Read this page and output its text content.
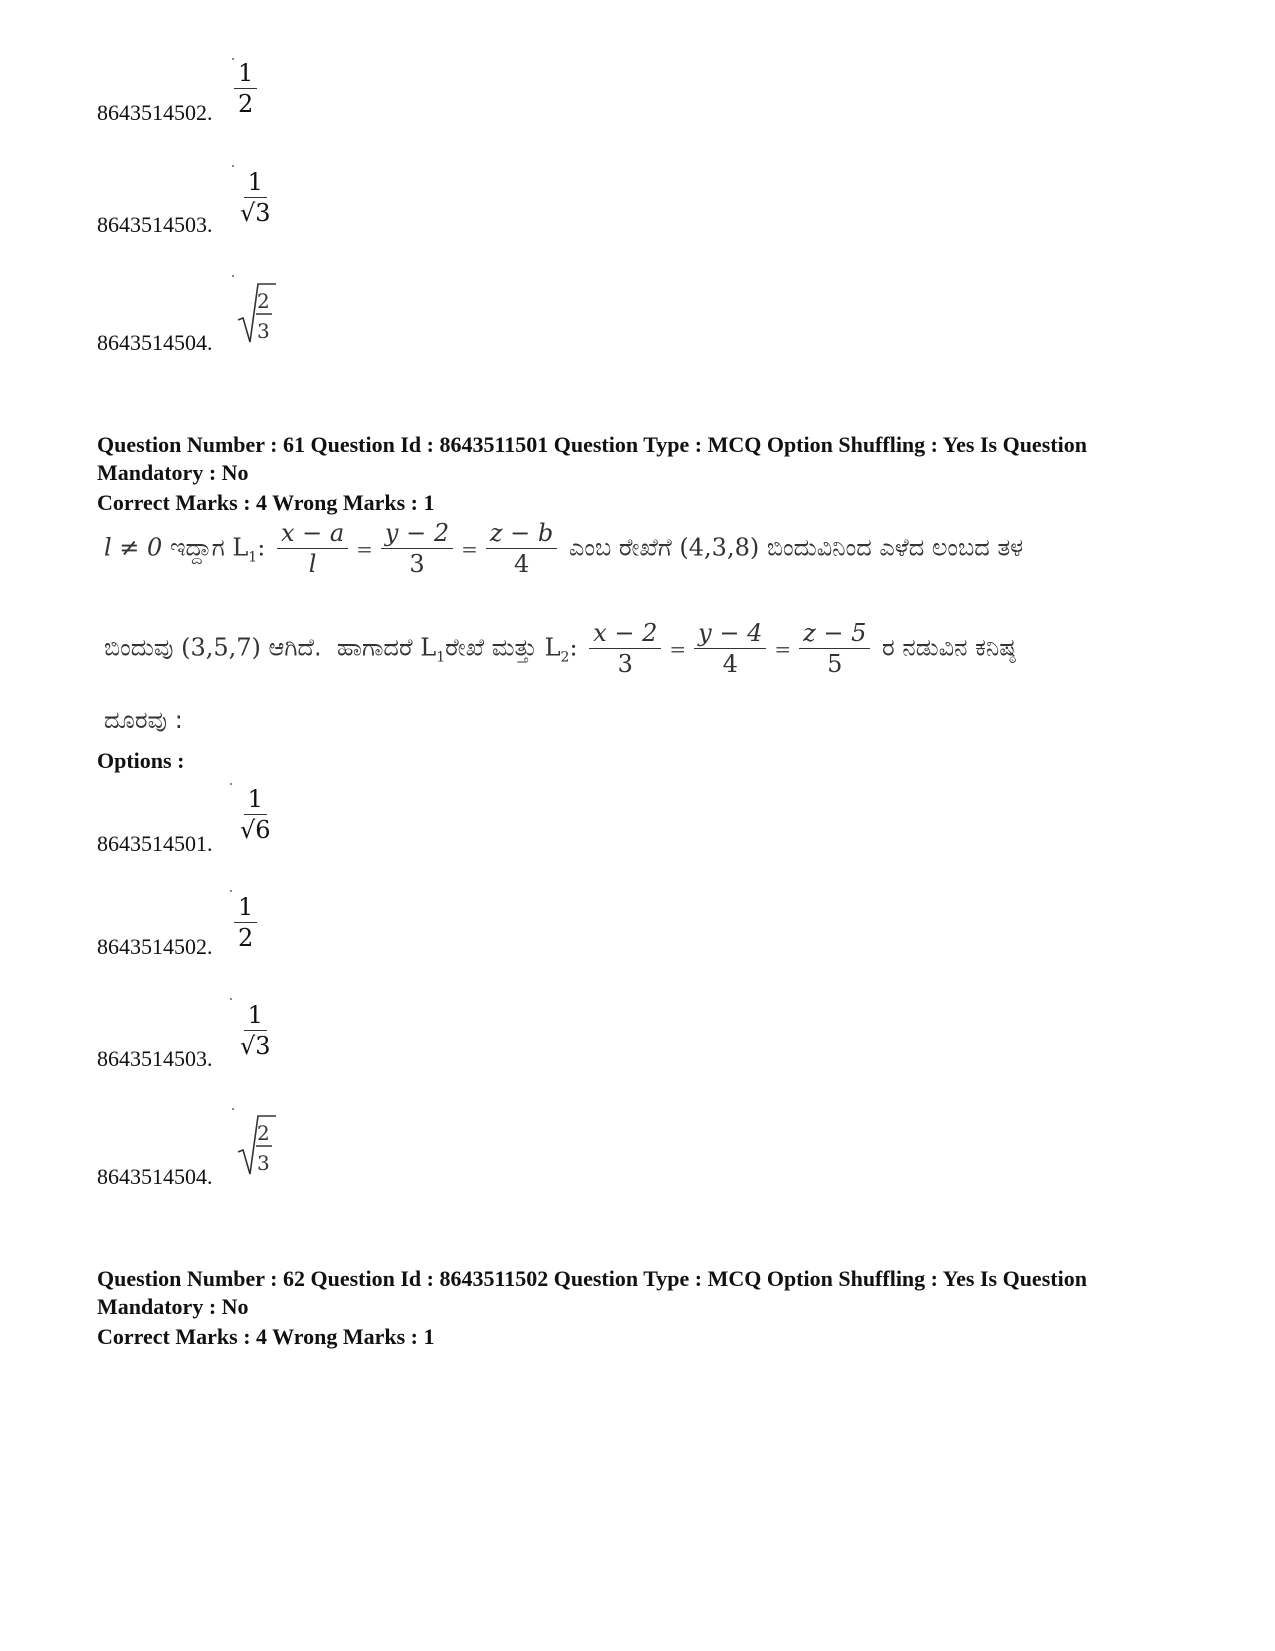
$\frac{1}{2}$
8643514502.
$\frac{1}{√3}$
8643514503.
2
3
8643514504.
Question Number : 61 Question Id : 8643511501 Question Type : MCQ Option Shuffling : Yes Is Question Mandatory : No
Correct Marks : 4 Wrong Marks : 1
l ≠ 0 ಇದ್ದಾಗ $L_1$: $\frac{x - a}{l} = \frac{y - 2}{3} = \frac{z - b}{4}$ ಎಂಬ ರೇಖೆಗೆ (4,3,8) ಬಿಂದುವಿನಿಂದ ಎಳೆದ ಲಂಬದ ತಳ
ಬಿಂದುವು (3,5,7) ಆಗಿದೆ. ಹಾಗಾದರೆ $L_1ರೇಖೆ$ ಮತ್ತು $L_2$: $\frac{x - 2}{3} = \frac{y - 4}{4} = \frac{z - 5}{5}$ ರ ನಡುವಿನ ಕನಿಷ್ಠ
ದೂರವು :
Options :
$\frac{1}{√6}$
8643514501.
$\frac{1}{2}$
8643514502.
$\frac{1}{√3}$
8643514503.
2
3
8643514504.
Question Number : 62 Question Id : 8643511502 Question Type : MCQ Option Shuffling : Yes Is Question Mandatory : No
Correct Marks : 4 Wrong Marks : 1
